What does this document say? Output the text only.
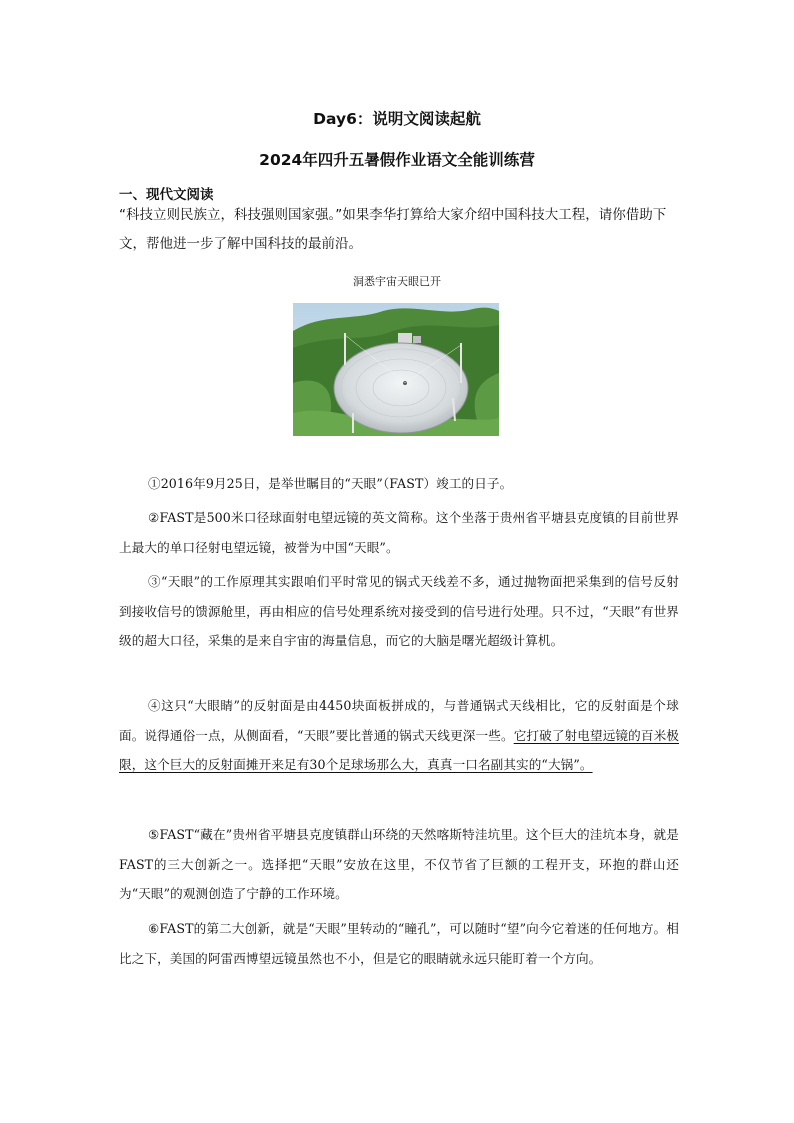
Day6：说明文阅读起航
2024年四升五暑假作业语文全能训练营
一、现代文阅读
“科技立则民族立，科技强则国家强。”如果李华打算给大家介绍中国科技大工程，请你借助下文，帮他进一步了解中国科技的最前沿。
洞悉宇宙天眼已开
①2016年9月25日，是举世瞩目的“天眼”（FAST）竣工的日子。
②FAST是500米口径球面射电望远镜的英文简称。这个坐落于贵州省平塘县克度镇的目前世界上最大的单口径射电望远镜，被誉为中国“天眼”。
③“天眼”的工作原理其实跟咱们平时常见的锅式天线差不多，通过抛物面把采集到的信号反射到接收信号的馈源舱里，再由相应的信号处理系统对接受到的信号进行处理。只不过，“天眼”有世界级的超大口径，采集的是来自宇宙的海量信息，而它的大脑是曙光超级计算机。
④这只“大眼睛”的反射面是由4450块面板拼成的，与普通锅式天线相比，它的反射面是个球面。说得通俗一点，从侧面看，“天眼”要比普通的锅式天线更深一些。它打破了射电望远镜的百米极限，这个巨大的反射面摊开来足有30个足球场那么大，真真一口名副其实的“大锅”。
⑤FAST“藏在”贵州省平塘县克度镇群山环绕的天然喀斯特洼坑里。这个巨大的洼坑本身，就是FAST的三大创新之一。选择把“天眼”安放在这里，不仅节省了巨额的工程开支，环抱的群山还为“天眼”的观测创造了宁静的工作环境。
⑥FAST的第二大创新，就是“天眼”里转动的“瞳孔”，可以随时“望”向今它着迷的任何地方。相比之下，美国的阿雷西博望远镜虽然也不小，但是它的眼睛就永远只能盯着一个方向。
